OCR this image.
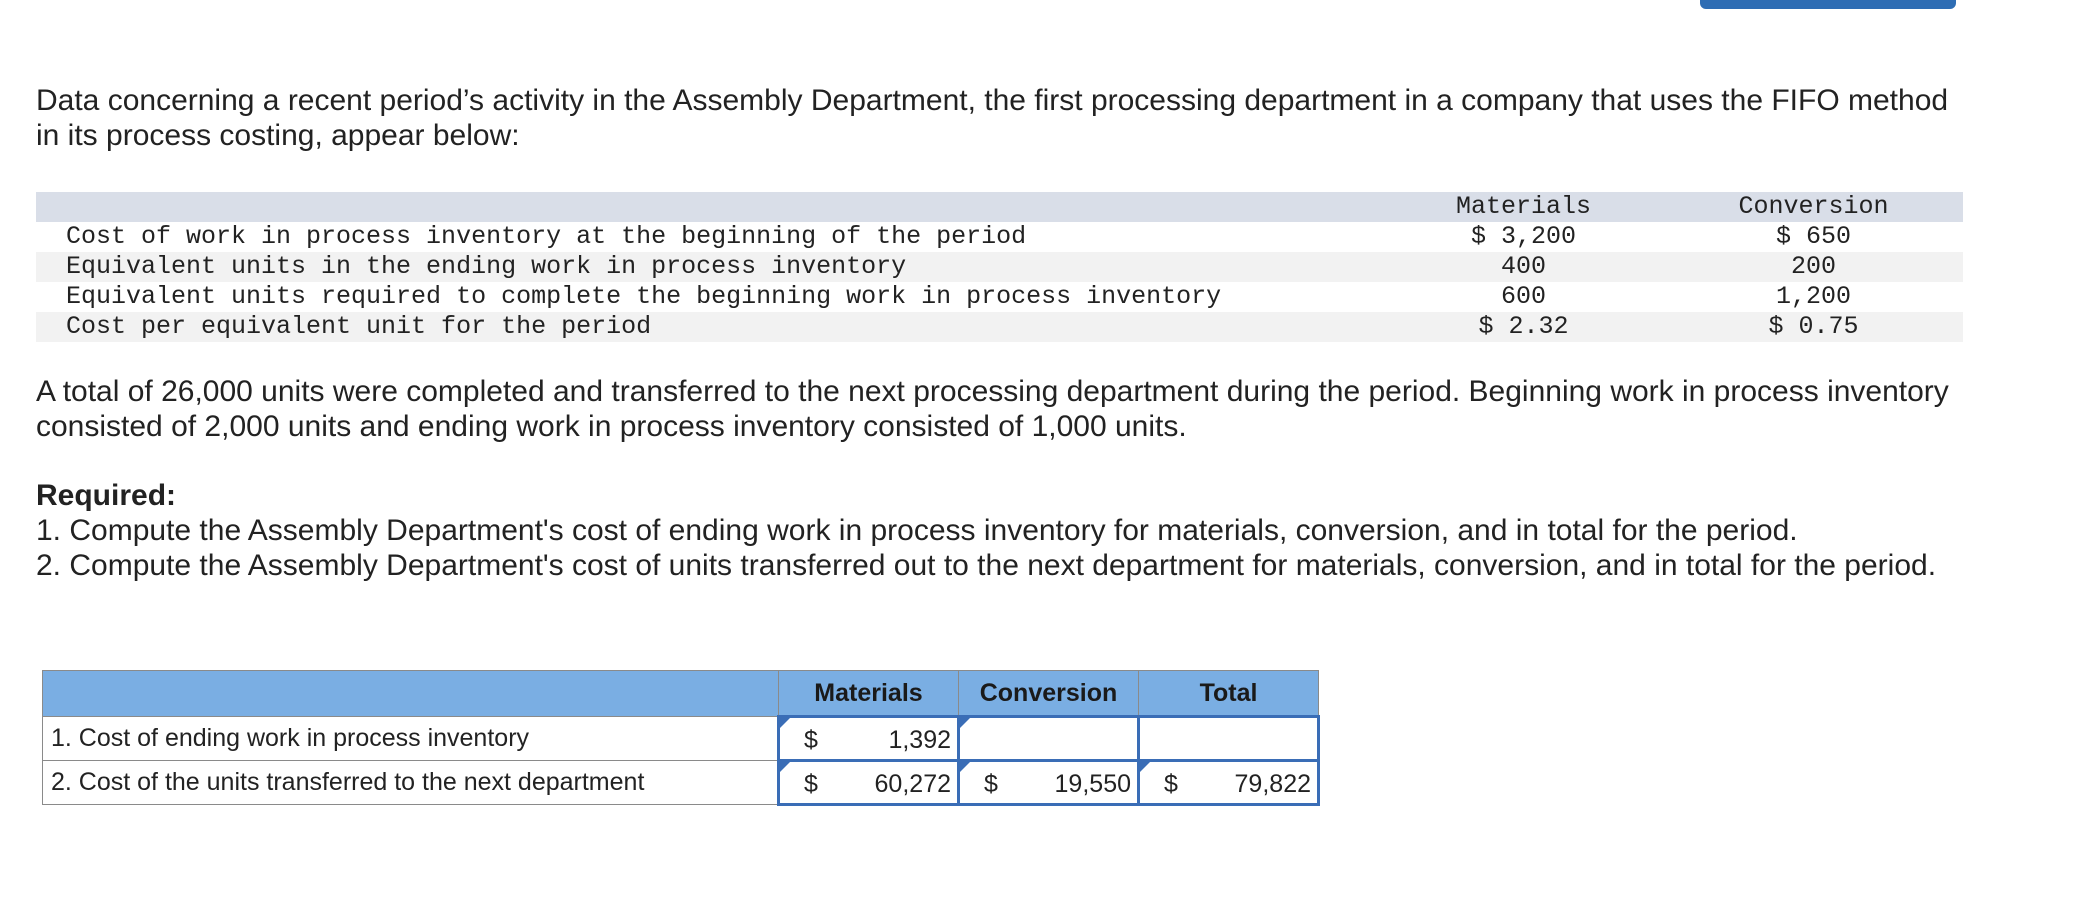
Data concerning a recent period’s activity in the Assembly Department, the first processing department in a company that uses the FIFO method in its process costing, appear below:

Materials	Conversion
Cost of work in process inventory at the beginning of the period	$ 3,200	$ 650
Equivalent units in the ending work in process inventory	400	200
Equivalent units required to complete the beginning work in process inventory	600	1,200
Cost per equivalent unit for the period	$ 2.32	$ 0.75

A total of 26,000 units were completed and transferred to the next processing department during the period. Beginning work in process inventory consisted of 2,000 units and ending work in process inventory consisted of 1,000 units.

Required:
1. Compute the Assembly Department's cost of ending work in process inventory for materials, conversion, and in total for the period.
2. Compute the Assembly Department's cost of units transferred out to the next department for materials, conversion, and in total for the period.
	Materials	Conversion	Total
1. Cost of ending work in process inventory	$ 1,392		

2. Cost of the units transferred to the next department	$ 60,272	$ 19,550	$ 79,822
